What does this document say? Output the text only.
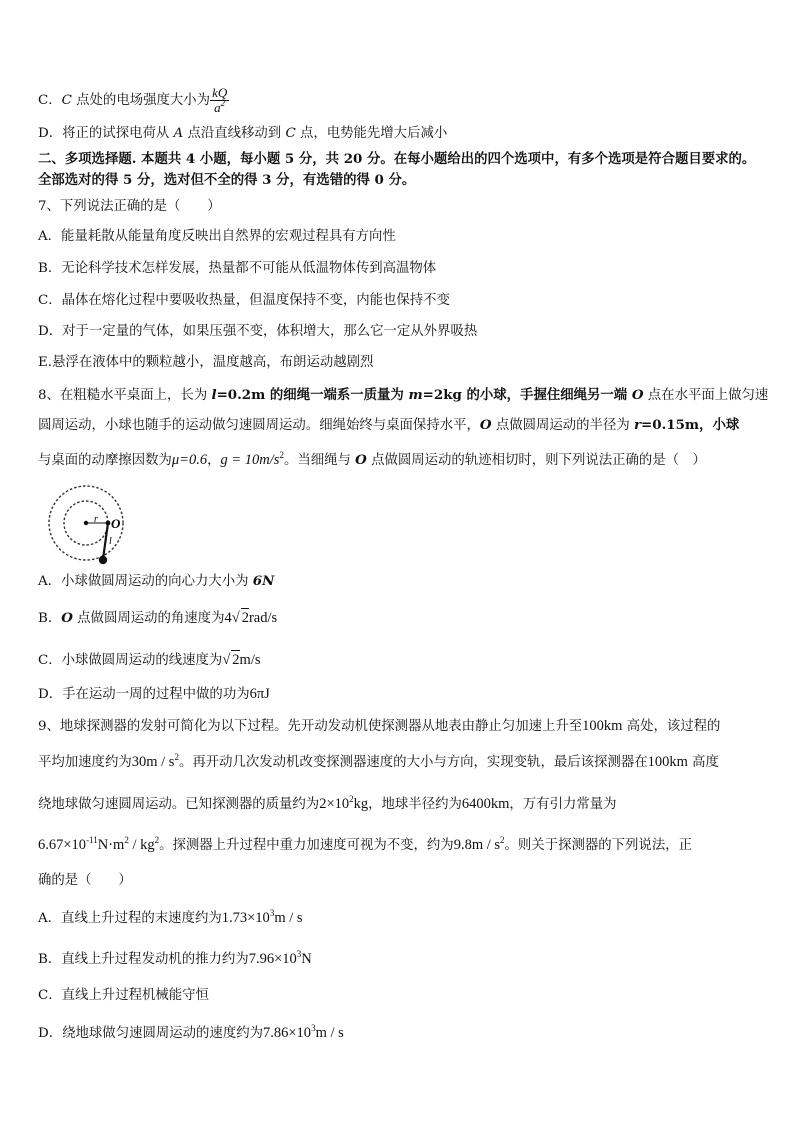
C．C 点处的电场强度大小为 $\frac{kQ}{a^2}$
D．将正的试探电荷从 A 点沿直线移动到 C 点，电势能先增大后减小
二、多项选择题. 本题共 4 小题，每小题 5 分，共 20 分。在每小题给出的四个选项中，有多个选项是符合题目要求的。
全部选对的得 5 分，选对但不全的得 3 分，有选错的得 0 分。
7、下列说法正确的是（　　）
A．能量耗散从能量角度反映出自然界的宏观过程具有方向性
B．无论科学技术怎样发展，热量都不可能从低温物体传到高温物体
C．晶体在熔化过程中要吸收热量，但温度保持不变，内能也保持不变
D．对于一定量的气体，如果压强不变，体积增大，那么它一定从外界吸热
E.悬浮在液体中的颗粒越小，温度越高，布朗运动越剧烈
8、在粗糙水平桌面上，长为 l=0.2m 的细绳一端系一质量为 m=2kg 的小球，手握住细绳另一端 O 点在水平面上做匀速
圆周运动，小球也随手的运动做匀速圆周运动。细绳始终与桌面保持水平，O 点做圆周运动的半径为 r=0.15m，小球
与桌面的动摩擦因数为μ=0.6，$g = 10m/s^2$。当细绳与 O 点做圆周运动的轨迹相切时，则下列说法正确的是（　）
r O
l
A．小球做圆周运动的向心力大小为 6N
B．O 点做圆周运动的角速度为4√ 2rad/s
C．小球做圆周运动的线速度为√ 2m/s
D．手在运动一周的过程中做的功为6πJ
9、地球探测器的发射可简化为以下过程。先开动发动机使探测器从地表由静止匀加速上升至100km 高处，该过程的
平均加速度约为$30m / s^2$。再开动几次发动机改变探测器速度的大小与方向，实现变轨，最后该探测器在100km 高度
绕地球做匀速圆周运动。已知探测器的质量约为$2\times 10^2kg$，地球半径约为6400km，万有引力常量为
$6.67\times 10^{-11}N\cdot m^2 / kg^2$。探测器上升过程中重力加速度可视为不变，约为$9.8m / s^2$。则关于探测器的下列说法，正
确的是（　　）
A．直线上升过程的末速度约为$1.73\times 10^3m / s$
B．直线上升过程发动机的推力约为$7.96\times 10^3N$
C．直线上升过程机械能守恒
D．绕地球做匀速圆周运动的速度约为$7.86\times 10^3m / s$
